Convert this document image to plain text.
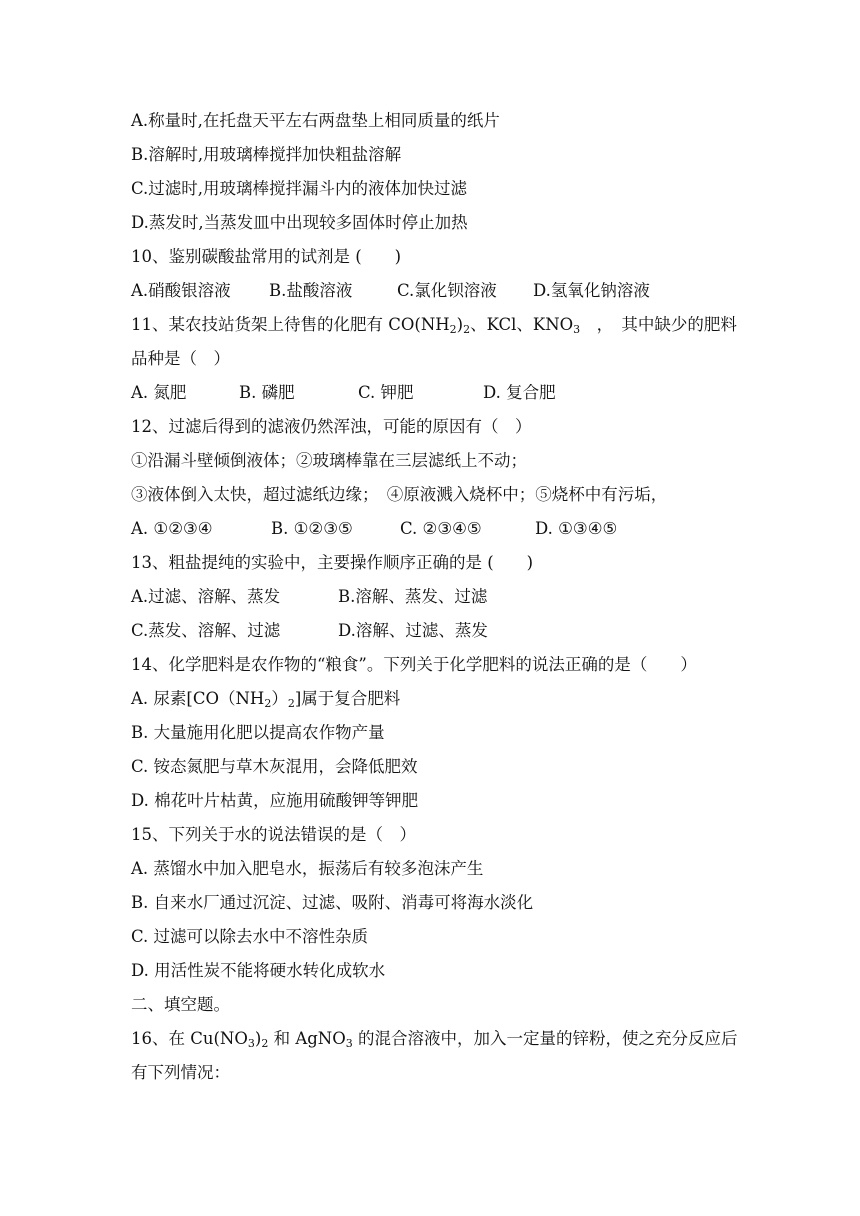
A.称量时,在托盘天平左右两盘垫上相同质量的纸片
B.溶解时,用玻璃棒搅拌加快粗盐溶解
C.过滤时,用玻璃棒搅拌漏斗内的液体加快过滤
D.蒸发时,当蒸发皿中出现较多固体时停止加热
10、鉴别碳酸盐常用的试剂是 (　　)
A.硝酸银溶液 B.盐酸溶液	C.氯化钡溶液 D.氢氧化钠溶液
11、某农技站货架上待售的化肥有 $CO(NH_2)_2$、KCl、$KNO_3$　，　其中缺少的肥料
品种是（　）
A. 氮肥	B. 磷肥	C. 钾肥	D. 复合肥
12、过滤后得到的滤液仍然浑浊，可能的原因有（　）
①沿漏斗壁倾倒液体；②玻璃棒靠在三层滤纸上不动；
③液体倒入太快，超过滤纸边缘；　④原液溅入烧杯中；⑤烧杯中有污垢，
A. ①②③④	B. ①②③⑤	C. ②③④⑤	D. ①③④⑤
13、粗盐提纯的实验中，主要操作顺序正确的是 (　　)
A.过滤、溶解、蒸发	B.溶解、蒸发、过滤
C.蒸发、溶解、过滤	D.溶解、过滤、蒸发
14、化学肥料是农作物的“粮食”。下列关于化学肥料的说法正确的是（　　）
A. 尿素$[CO(NH_2)_2]$属于复合肥料
B. 大量施用化肥以提高农作物产量
C. 铵态氮肥与草木灰混用，会降低肥效
D. 棉花叶片枯黄，应施用硫酸钾等钾肥
15、下列关于水的说法错误的是（　）
A. 蒸馏水中加入肥皂水，振荡后有较多泡沫产生
B. 自来水厂通过沉淀、过滤、吸附、消毒可将海水淡化
C. 过滤可以除去水中不溶性杂质
D. 用活性炭不能将硬水转化成软水
二、填空题。
16、在 $Cu(NO_3)_2$ 和 AgNO$_3$ 的混合溶液中，加入一定量的锌粉，使之充分反应后
有下列情况：
